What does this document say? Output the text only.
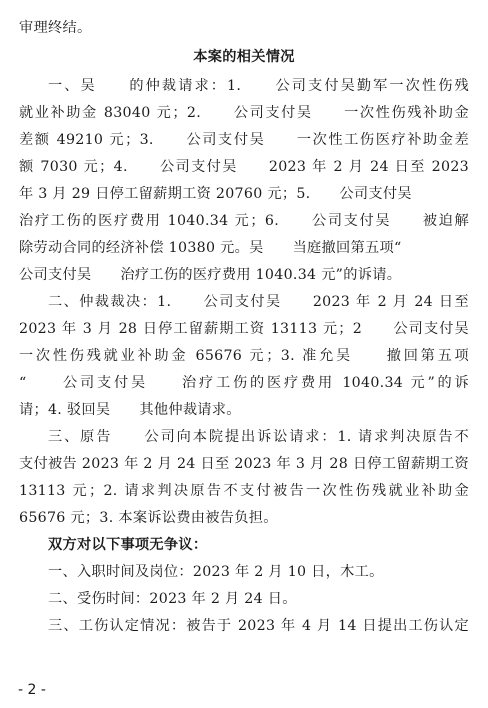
审理终结。
本案的相关情况
一、吴　　的仲裁请求：1.　　公司支付吴勤军一次性伤残
就业补助金 83040 元；2.　　公司支付吴　　一次性伤残补助金
差额 49210 元；3.　　公司支付吴　　一次性工伤医疗补助金差
额 7030 元；4.　　公司支付吴　　2023 年 2 月 24 日至 2023
年 3 月 29 日停工留薪期工资 20760 元；5.　　公司支付吴
治疗工伤的医疗费用 1040.34 元；6.　　公司支付吴　　被迫解
除劳动合同的经济补偿 10380 元。吴　　当庭撤回第五项“
公司支付吴　　治疗工伤的医疗费用 1040.34 元”的诉请。
二、仲裁裁决：1.　　公司支付吴　　2023 年 2 月 24 日至
2023 年 3 月 28 日停工留薪期工资 13113 元；2　　公司支付吴
一次性伤残就业补助金 65676 元；3. 准允吴　　撤回第五项
“　　公司支付吴　　治疗工伤的医疗费用 1040.34 元”的诉
请；4. 驳回吴　　其他仲裁请求。
三、原告　　公司向本院提出诉讼请求：1. 请求判决原告不
支付被告 2023 年 2 月 24 日至 2023 年 3 月 28 日停工留薪期工资
13113 元；2. 请求判决原告不支付被告一次性伤残就业补助金
65676 元；3. 本案诉讼费由被告负担。
双方对以下事项无争议：
一、入职时间及岗位：2023 年 2 月 10 日，木工。
二、受伤时间：2023 年 2 月 24 日。
三、工伤认定情况：被告于 2023 年 4 月 14 日提出工伤认定
- 2 -
